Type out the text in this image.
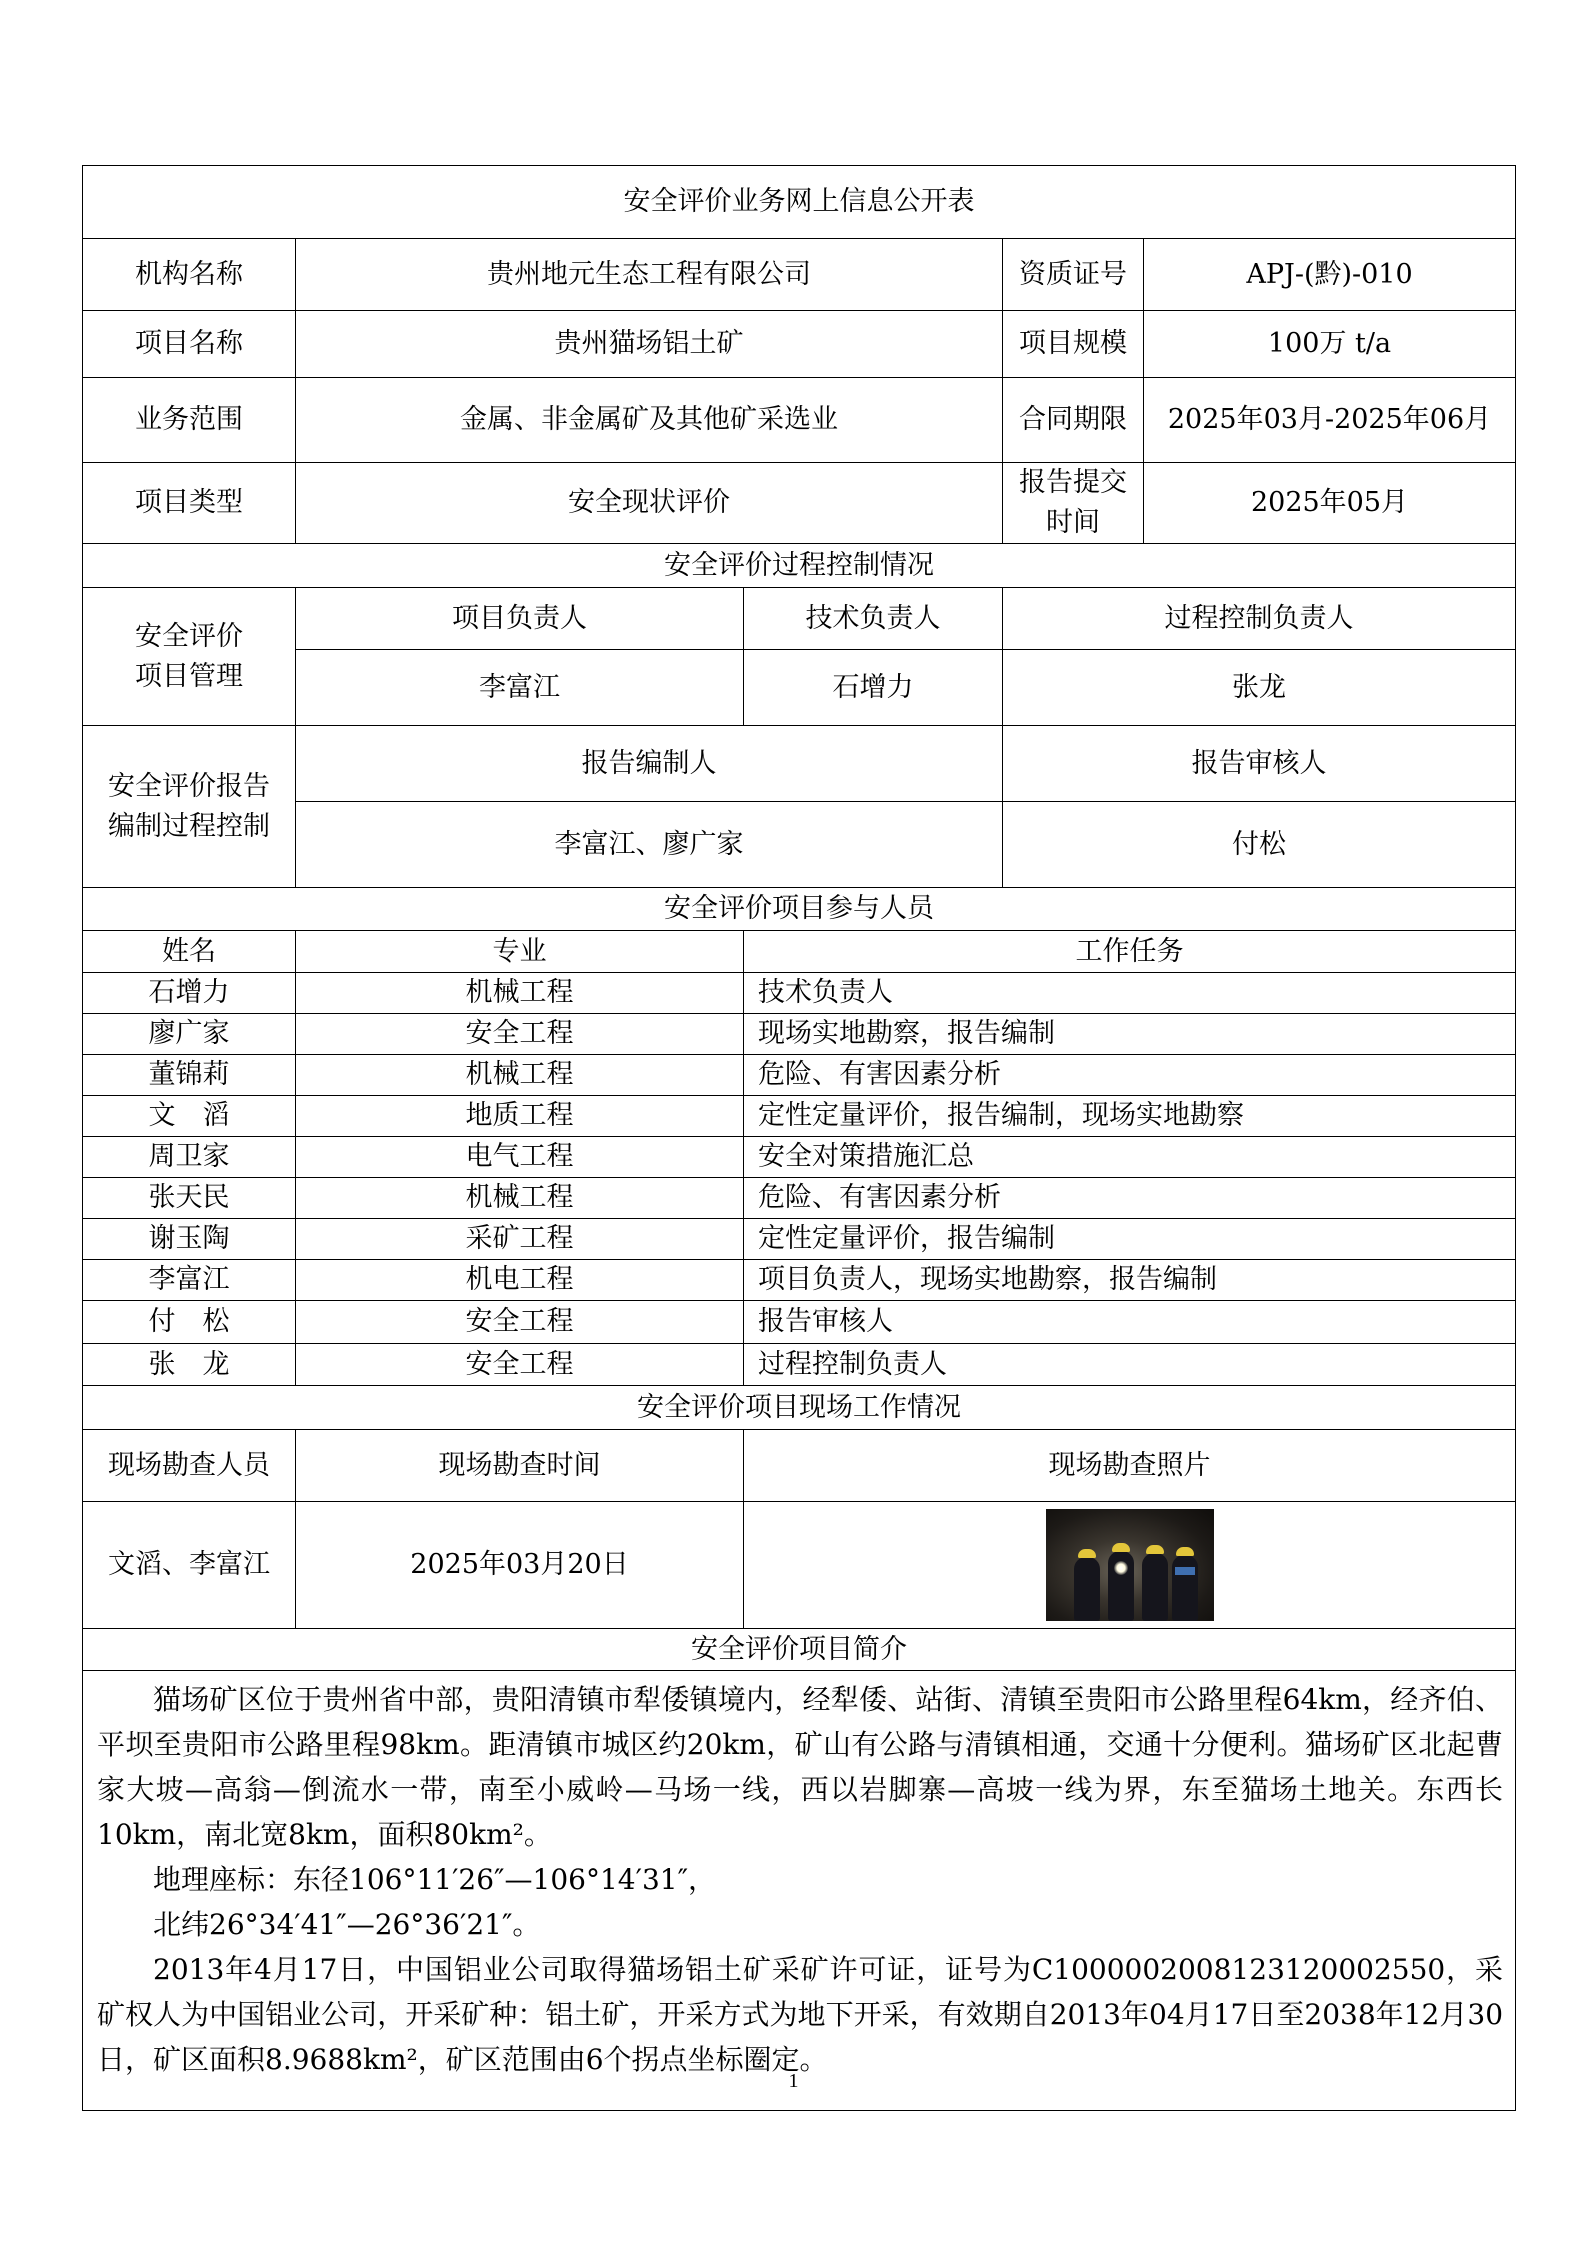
安全评价业务网上信息公开表				
机构名称	贵州地元生态工程有限公司		资质证号	APJ-(黔)-010
项目名称	贵州猫场铝土矿		项目规模	100万 t/a
业务范围	金属、非金属矿及其他矿采选业		合同期限	2025年03月-2025年06月
项目类型	安全现状评价		报告提交时间	2025年05月
安全评价过程控制情况				

安全评价
项目管理	项目负责人	技术负责人	过程控制负责人	
	李富江	石增力	张龙	

安全评价报告
编制过程控制	报告编制人		报告审核人	
	李富江、廖广家		付松	
安全评价项目参与人员				
姓名	专业	工作任务		
石增力	机械工程	技术负责人		
廖广家	安全工程	现场实地勘察，报告编制		
董锦莉	机械工程	危险、有害因素分析		
文　滔	地质工程	定性定量评价，报告编制，现场实地勘察		
周卫家	电气工程	安全对策措施汇总		
张天民	机械工程	危险、有害因素分析		
谢玉陶	采矿工程	定性定量评价，报告编制		
李富江	机电工程	项目负责人，现场实地勘察，报告编制		
付　松	安全工程	报告审核人		
张　龙	安全工程	过程控制负责人		
安全评价项目现场工作情况				
现场勘查人员	现场勘查时间	现场勘查照片		
文滔、李富江	2025年03月20日			

安全评价项目简介				

猫场矿区位于贵州省中部，贵阳清镇市犁倭镇境内，经犁倭、站街、清镇至贵阳市公路里程64km，经齐伯、平坝至贵阳市公路里程98km。距清镇市城区约20km，矿山有公路与清镇相通，交通十分便利。猫场矿区北起曹家大坡—高翁—倒流水一带，南至小威岭—马场一线，西以岩脚寨—高坡一线为界，东至猫场土地关。东西长10km，南北宽8km，面积80km²。

地理座标：东径106°11′26″—106°14′31″，

北纬26°34′41″—26°36′21″。

2013年4月17日，中国铝业公司取得猫场铝土矿采矿许可证，证号为C1000002008123120002550，采矿权人为中国铝业公司，开采矿种：铝土矿，开采方式为地下开采，有效期自2013年04月17日至2038年12月30日，矿区面积8.9688km²，矿区范围由6个拐点坐标圈定。				

1
